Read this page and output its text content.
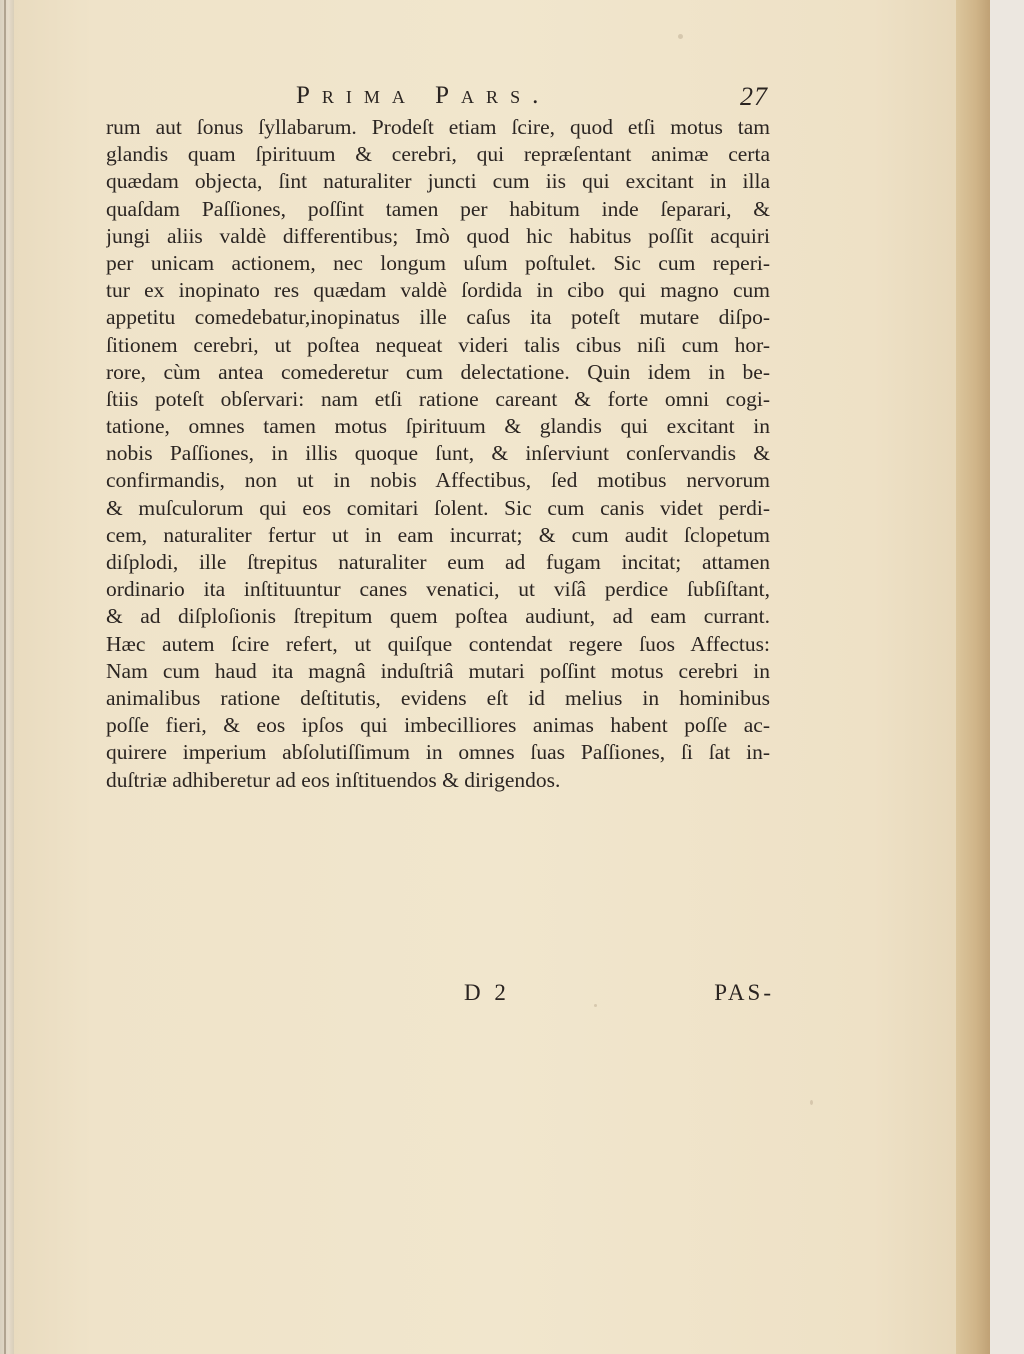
Prima Pars.	27
rum aut ſonus ſyllabarum. Prodeſt etiam ſcire, quod etſi motus tam
glandis quam ſpirituum & cerebri, qui repræſentant animæ certa
quædam objecta, ſint naturaliter juncti cum iis qui excitant in illa
quaſdam Paſſiones, poſſint tamen per habitum inde ſeparari, &
jungi aliis valdè differentibus; Imò quod hic habitus poſſit acquiri
per unicam actionem, nec longum uſum poſtulet. Sic cum reperi-
tur ex inopinato res quædam valdè ſordida in cibo qui magno cum
appetitu comedebatur,inopinatus ille caſus ita poteſt mutare diſpo-
ſitionem cerebri, ut poſtea nequeat videri talis cibus niſi cum hor-
rore, cùm antea comederetur cum delectatione. Quin idem in be-
ſtiis poteſt obſervari: nam etſi ratione careant & forte omni cogi-
tatione, omnes tamen motus ſpirituum & glandis qui excitant in
nobis Paſſiones, in illis quoque ſunt, & inſerviunt conſervandis &
confirmandis, non ut in nobis Affectibus, ſed motibus nervorum
& muſculorum qui eos comitari ſolent. Sic cum canis videt perdi-
cem, naturaliter fertur ut in eam incurrat; & cum audit ſclopetum
diſplodi, ille ſtrepitus naturaliter eum ad fugam incitat; attamen
ordinario ita inſtituuntur canes venatici, ut viſâ perdice ſubſiſtant,
& ad diſploſionis ſtrepitum quem poſtea audiunt, ad eam currant.
Hæc autem ſcire refert, ut quiſque contendat regere ſuos Affectus:
Nam cum haud ita magnâ induſtriâ mutari poſſint motus cerebri in
animalibus ratione deſtitutis, evidens eſt id melius in hominibus
poſſe fieri, & eos ipſos qui imbecilliores animas habent poſſe ac-
quirere imperium abſolutiſſimum in omnes ſuas Paſſiones, ſi ſat in-
duſtriæ adhiberetur ad eos inſtituendos & dirigendos.
D 2	PAS-
